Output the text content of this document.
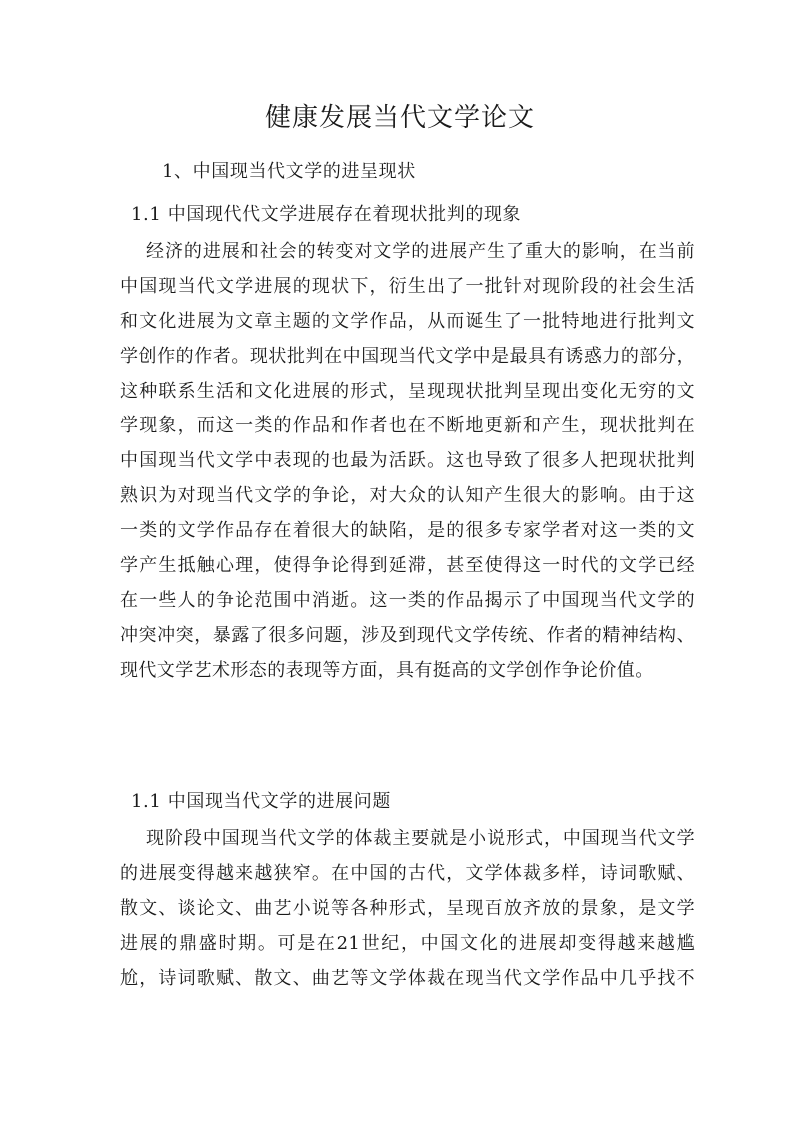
健康发展当代文学论文
1、中国现当代文学的进呈现状
1.1 中国现代代文学进展存在着现状批判的现象

经济的进展和社会的转变对文学的进展产生了重大的影响，在当前
中国现当代文学进展的现状下，衍生出了一批针对现阶段的社会生活
和文化进展为文章主题的文学作品，从而诞生了一批特地进行批判文
学创作的作者。现状批判在中国现当代文学中是最具有诱惑力的部分，
这种联系生活和文化进展的形式，呈现现状批判呈现出变化无穷的文
学现象，而这一类的作品和作者也在不断地更新和产生，现状批判在
中国现当代文学中表现的也最为活跃。这也导致了很多人把现状批判
熟识为对现当代文学的争论，对大众的认知产生很大的影响。由于这
一类的文学作品存在着很大的缺陷，是的很多专家学者对这一类的文
学产生抵触心理，使得争论得到延滞，甚至使得这一时代的文学已经
在一些人的争论范围中消逝。这一类的作品揭示了中国现当代文学的
冲突冲突，暴露了很多问题，涉及到现代文学传统、作者的精神结构、
现代文学艺术形态的表现等方面，具有挺高的文学创作争论价值。

1.1 中国现当代文学的进展问题

现阶段中国现当代文学的体裁主要就是小说形式，中国现当代文学
的进展变得越来越狭窄。在中国的古代，文学体裁多样，诗词歌赋、
散文、谈论文、曲艺小说等各种形式，呈现百放齐放的景象，是文学
进展的鼎盛时期。可是在21世纪，中国文化的进展却变得越来越尴
尬，诗词歌赋、散文、曲艺等文学体裁在现当代文学作品中几乎找不
